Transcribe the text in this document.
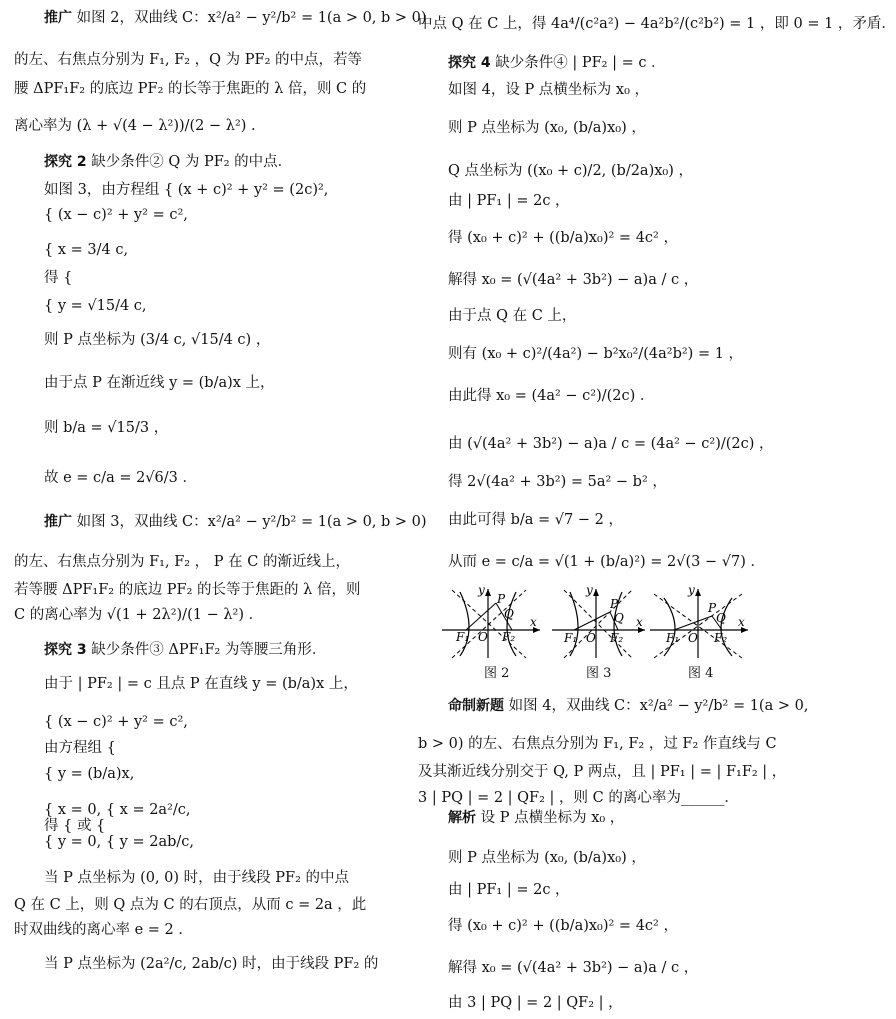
推广 如图 2，双曲线 C：x²/a² − y²/b² = 1(a > 0, b > 0)
的左、右焦点分别为 F₁, F₂ ，Q 为 PF₂ 的中点，若等
腰 ΔPF₁F₂ 的底边 PF₂ 的长等于焦距的 λ 倍，则 C 的
离心率为 (λ + √(4 − λ²))/(2 − λ²) .
探究 2 缺少条件② Q 为 PF₂ 的中点．
如图 3，由方程组 { (x + c)² + y² = (2c)²,
{ (x − c)² + y² = c²,
{ x = 3/4 c,
得 {
{ y = √15/4 c,
则 P 点坐标为 (3/4 c, √15/4 c) ，
由于点 P 在渐近线 y = (b/a)x 上，
则 b/a = √15/3 ，
故 e = c/a = 2√6/3 ．
推广 如图 3，双曲线 C：x²/a² − y²/b² = 1(a > 0, b > 0)
的左、右焦点分别为 F₁, F₂ ， P 在 C 的渐近线上，
若等腰 ΔPF₁F₂ 的底边 PF₂ 的长等于焦距的 λ 倍，则
C 的离心率为 √(1 + 2λ²)/(1 − λ²) ．
探究 3 缺少条件③ ΔPF₁F₂ 为等腰三角形．
由于 | PF₂ | = c 且点 P 在直线 y = (b/a)x 上，
{ (x − c)² + y² = c²,
由方程组 {
{ y = (b/a)x,
{ x = 0, { x = 2a²/c,
得 { 或 {
{ y = 0, { y = 2ab/c,
当 P 点坐标为 (0, 0) 时，由于线段 PF₂ 的中点
Q 在 C 上，则 Q 点为 C 的右顶点，从而 c = 2a ，此
时双曲线的离心率 e = 2 ．
当 P 点坐标为 (2a²/c, 2ab/c) 时，由于线段 PF₂ 的
中点 Q 在 C 上，得 4a⁴/(c²a²) − 4a²b²/(c²b²) = 1 ，即 0 = 1 ，矛盾．
探究 4 缺少条件④ | PF₂ | = c ．
如图 4，设 P 点横坐标为 x₀ ，
则 P 点坐标为 (x₀, (b/a)x₀) ，
Q 点坐标为 ((x₀ + c)/2, (b/2a)x₀) ，
由 | PF₁ | = 2c ，
得 (x₀ + c)² + ((b/a)x₀)² = 4c² ，
解得 x₀ = (√(4a² + 3b²) − a)a / c ，
由于点 Q 在 C 上，
则有 (x₀ + c)²/(4a²) − b²x₀²/(4a²b²) = 1 ，
由此得 x₀ = (4a² − c²)/(2c) ．
由 (√(4a² + 3b²) − a)a / c = (4a² − c²)/(2c) ，
得 2√(4a² + 3b²) = 5a² − b² ，
由此可得 b/a = √7 − 2 ，
从而 e = c/a = √(1 + (b/a)²) = 2√(3 − √7) ．
命制新题 如图 4，双曲线 C：x²/a² − y²/b² = 1(a > 0,
b > 0) 的左、右焦点分别为 F₁, F₂ ，过 F₂ 作直线与 C
及其渐近线分别交于 Q, P 两点，且 | PF₁ | = | F₁F₂ | ，
3 | PQ | = 2 | QF₂ | ，则 C 的离心率为______．
解析 设 P 点横坐标为 x₀ ，
则 P 点坐标为 (x₀, (b/a)x₀) ，
由 | PF₁ | = 2c ，
得 (x₀ + c)² + ((b/a)x₀)² = 4c² ，
解得 x₀ = (√(4a² + 3b²) − a)a / c ，
由 3 | PQ | = 2 | QF₂ | ，
y
x
P
Q
F₁ O F₂
图 2
y
x
P
Q
F₁ O F₂
图 3
y
x
P
Q
F₁ O F₂
图 4
